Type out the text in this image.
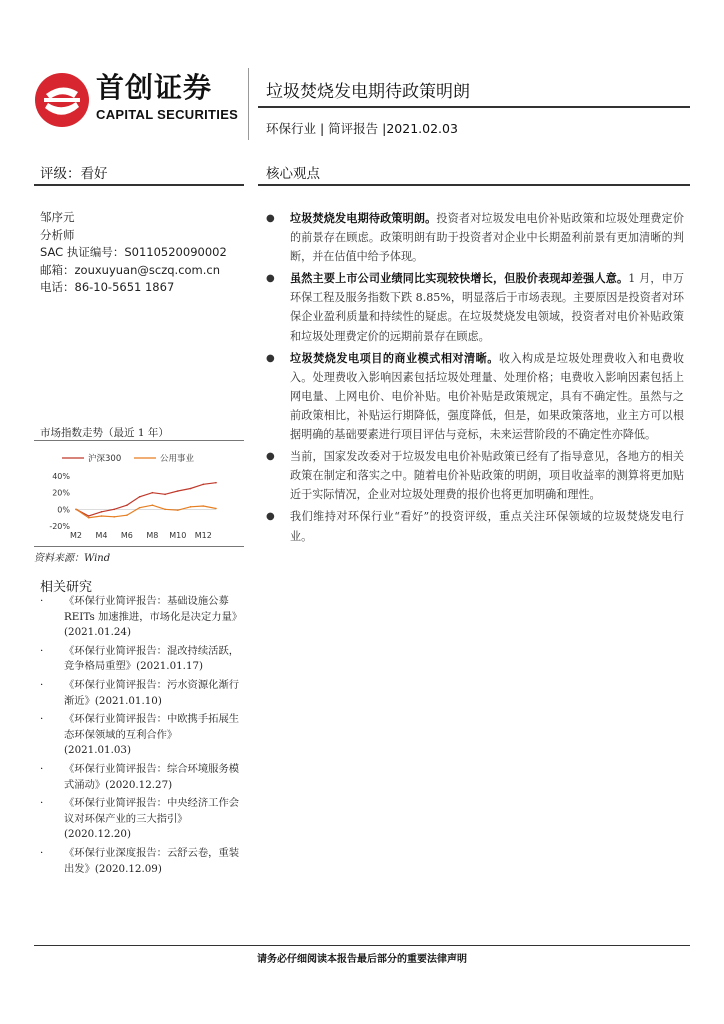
首创证券
CAPITAL SECURITIES
垃圾焚烧发电期待政策明朗
环保行业 | 简评报告 |2021.02.03
评级：看好	核心观点
邹序元
分析师
SAC 执证编号：S0110520090002
邮箱：zouxuyuan@sczq.com.cn
电话：86-10-5651 1867
市场指数走势（最近 1 年）
沪深300	公用事业
40%
20%
0%
-20%
M2 M4 M6 M8 M10 M12
资料来源：Wind
相关研究
· 《环保行业简评报告：基础设施公募 REITs 加速推进，市场化是决定力量》(2021.01.24)
· 《环保行业简评报告：混改持续活跃，竞争格局重塑》(2021.01.17)
· 《环保行业简评报告：污水资源化渐行渐近》(2021.01.10)
· 《环保行业简评报告：中欧携手拓展生态环保领域的互利合作》(2021.01.03)
· 《环保行业简评报告：综合环境服务模式涌动》(2020.12.27)
· 《环保行业简评报告：中央经济工作会议对环保产业的三大指引》(2020.12.20)
· 《环保行业深度报告：云舒云卷，重装出发》(2020.12.09)
● 垃圾焚烧发电期待政策明朗。投资者对垃圾发电电价补贴政策和垃圾处理费定价的前景存在顾虑。政策明朗有助于投资者对企业中长期盈利前景有更加清晰的判断，并在估值中给予体现。
● 虽然主要上市公司业绩同比实现较快增长，但股价表现却差强人意。1 月，申万环保工程及服务指数下跌 8.85%，明显落后于市场表现。主要原因是投资者对环保企业盈利质量和持续性的疑虑。在垃圾焚烧发电领域，投资者对电价补贴政策和垃圾处理费定价的远期前景存在顾虑。
● 垃圾焚烧发电项目的商业模式相对清晰。收入构成是垃圾处理费收入和电费收入。处理费收入影响因素包括垃圾处理量、处理价格；电费收入影响因素包括上网电量、上网电价、电价补贴。电价补贴是政策规定，具有不确定性。虽然与之前政策相比，补贴运行期降低，强度降低，但是，如果政策落地，业主方可以根据明确的基础要素进行项目评估与竞标，未来运营阶段的不确定性亦降低。
● 当前，国家发改委对于垃圾发电电价补贴政策已经有了指导意见，各地方的相关政策在制定和落实之中。随着电价补贴政策的明朗，项目收益率的测算将更加贴近于实际情况，企业对垃圾处理费的报价也将更加明确和理性。
● 我们维持对环保行业“看好”的投资评级，重点关注环保领域的垃圾焚烧发电行业。
请务必仔细阅读本报告最后部分的重要法律声明
